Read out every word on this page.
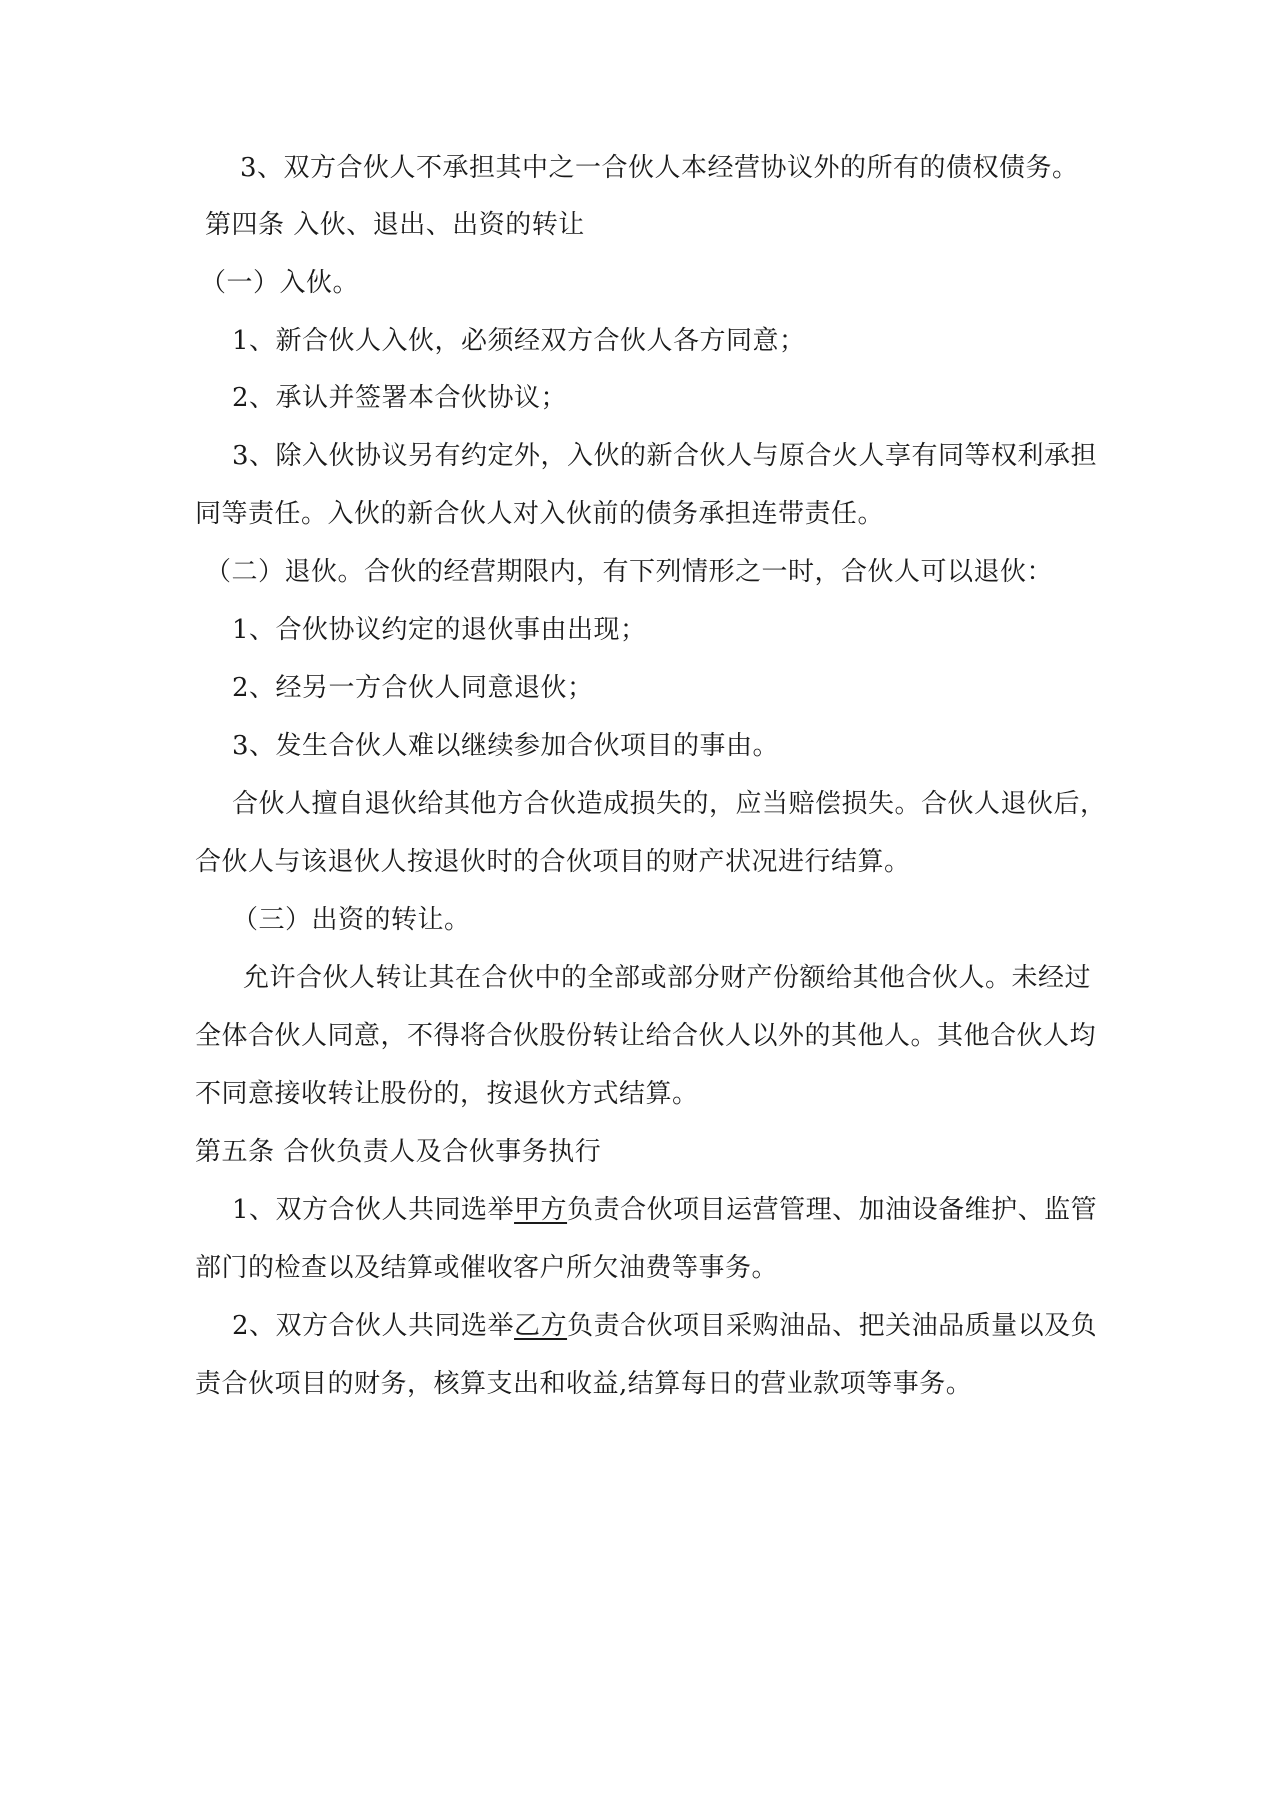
3、双方合伙人不承担其中之一合伙人本经营协议外的所有的债权债务。
第四条 入伙、退出、出资的转让
（一）入伙。
1、新合伙人入伙，必须经双方合伙人各方同意；
2、承认并签署本合伙协议；
3、除入伙协议另有约定外，入伙的新合伙人与原合火人享有同等权利承担
同等责任。入伙的新合伙人对入伙前的债务承担连带责任。
（二）退伙。合伙的经营期限内，有下列情形之一时，合伙人可以退伙：
1、合伙协议约定的退伙事由出现；
2、经另一方合伙人同意退伙；
3、发生合伙人难以继续参加合伙项目的事由。
合伙人擅自退伙给其他方合伙造成损失的，应当赔偿损失。合伙人退伙后，
合伙人与该退伙人按退伙时的合伙项目的财产状况进行结算。
（三）出资的转让。
允许合伙人转让其在合伙中的全部或部分财产份额给其他合伙人。未经过
全体合伙人同意，不得将合伙股份转让给合伙人以外的其他人。其他合伙人均
不同意接收转让股份的，按退伙方式结算。
第五条 合伙负责人及合伙事务执行
1、双方合伙人共同选举甲方负责合伙项目运营管理、加油设备维护、监管
部门的检查以及结算或催收客户所欠油费等事务。
2、双方合伙人共同选举乙方负责合伙项目采购油品、把关油品质量以及负
责合伙项目的财务，核算支出和收益,结算每日的营业款项等事务。
